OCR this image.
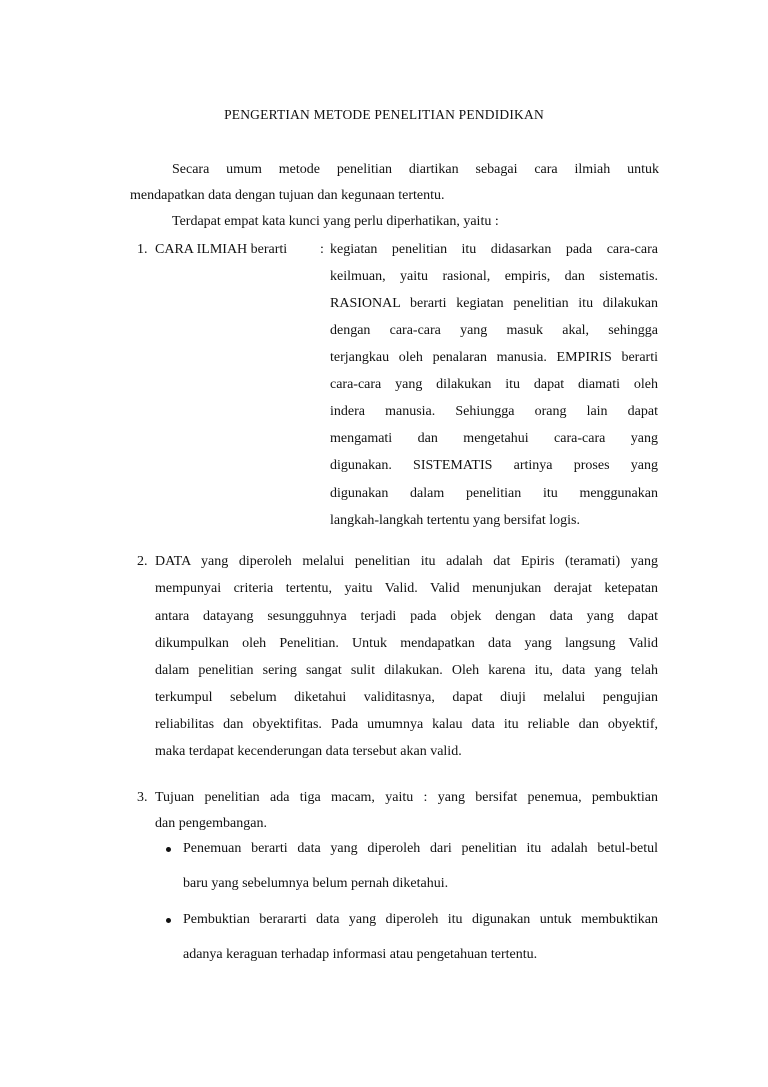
PENGERTIAN METODE PENELITIAN PENDIDIKAN
Secara umum metode penelitian diartikan sebagai cara ilmiah untuk
mendapatkan data dengan tujuan dan kegunaan tertentu.
Terdapat empat kata kunci yang perlu diperhatikan, yaitu :
1. CARA ILMIAH berarti : kegiatan penelitian itu didasarkan pada cara-cara
keilmuan, yaitu rasional, empiris, dan sistematis.
RASIONAL berarti kegiatan penelitian itu dilakukan
dengan cara-cara yang masuk akal, sehingga
terjangkau oleh penalaran manusia. EMPIRIS berarti
cara-cara yang dilakukan itu dapat diamati oleh
indera manusia. Sehiungga orang lain dapat
mengamati dan mengetahui cara-cara yang
digunakan. SISTEMATIS artinya proses yang
digunakan dalam penelitian itu menggunakan
langkah-langkah tertentu yang bersifat logis.
2. DATA yang diperoleh melalui penelitian itu adalah dat Epiris (teramati) yang
mempunyai criteria tertentu, yaitu Valid. Valid menunjukan derajat ketepatan
antara datayang sesungguhnya terjadi pada objek dengan data yang dapat
dikumpulkan oleh Penelitian. Untuk mendapatkan data yang langsung Valid
dalam penelitian sering sangat sulit dilakukan. Oleh karena itu, data yang telah
terkumpul sebelum diketahui validitasnya, dapat diuji melalui pengujian
reliabilitas dan obyektifitas. Pada umumnya kalau data itu reliable dan obyektif,
maka terdapat kecenderungan data tersebut akan valid.
3. Tujuan penelitian ada tiga macam, yaitu : yang bersifat penemua, pembuktian
dan pengembangan.
Penemuan berarti data yang diperoleh dari penelitian itu adalah betul-betul
baru yang sebelumnya belum pernah diketahui.
Pembuktian berararti data yang diperoleh itu digunakan untuk membuktikan
adanya keraguan terhadap informasi atau pengetahuan tertentu.
